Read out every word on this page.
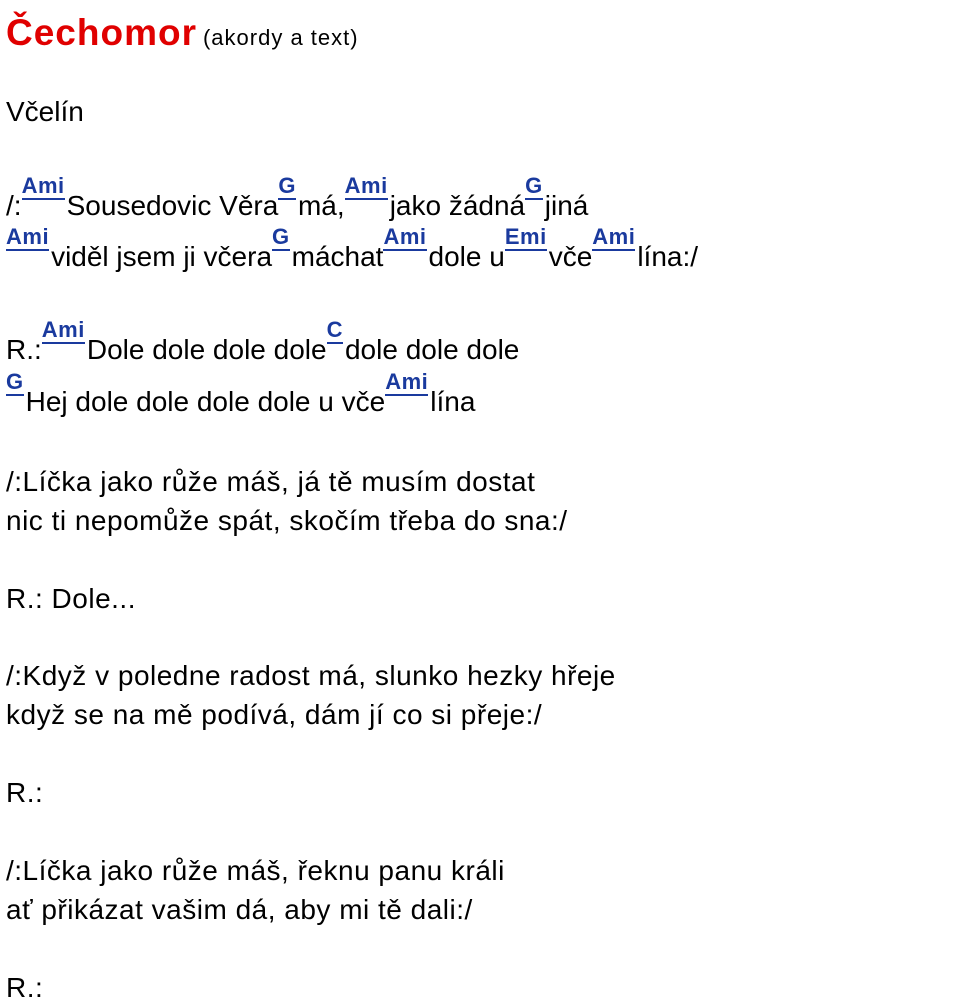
Čechomor (akordy a text)
Včelín
/:
Ami
Sousedovic Věra
G
má,
Ami
jako žádná
G
jiná
Ami
viděl jsem ji včera
G
máchat
Ami
dole u
Emi
vče
Ami
lína:/
R.:
Ami
Dole dole dole dole
C
dole dole dole
G
Hej dole dole dole dole u vče
Ami
lína
/:Líčka jako růže máš, já tě musím dostat
nic ti nepomůže spát, skočím třeba do sna:/
R.: Dole...
/:Když v poledne radost má, slunko hezky hřeje
když se na mě podívá, dám jí co si přeje:/
R.:
/:Líčka jako růže máš, řeknu panu králi
ať přikázat vašim dá, aby mi tě dali:/
R.:
